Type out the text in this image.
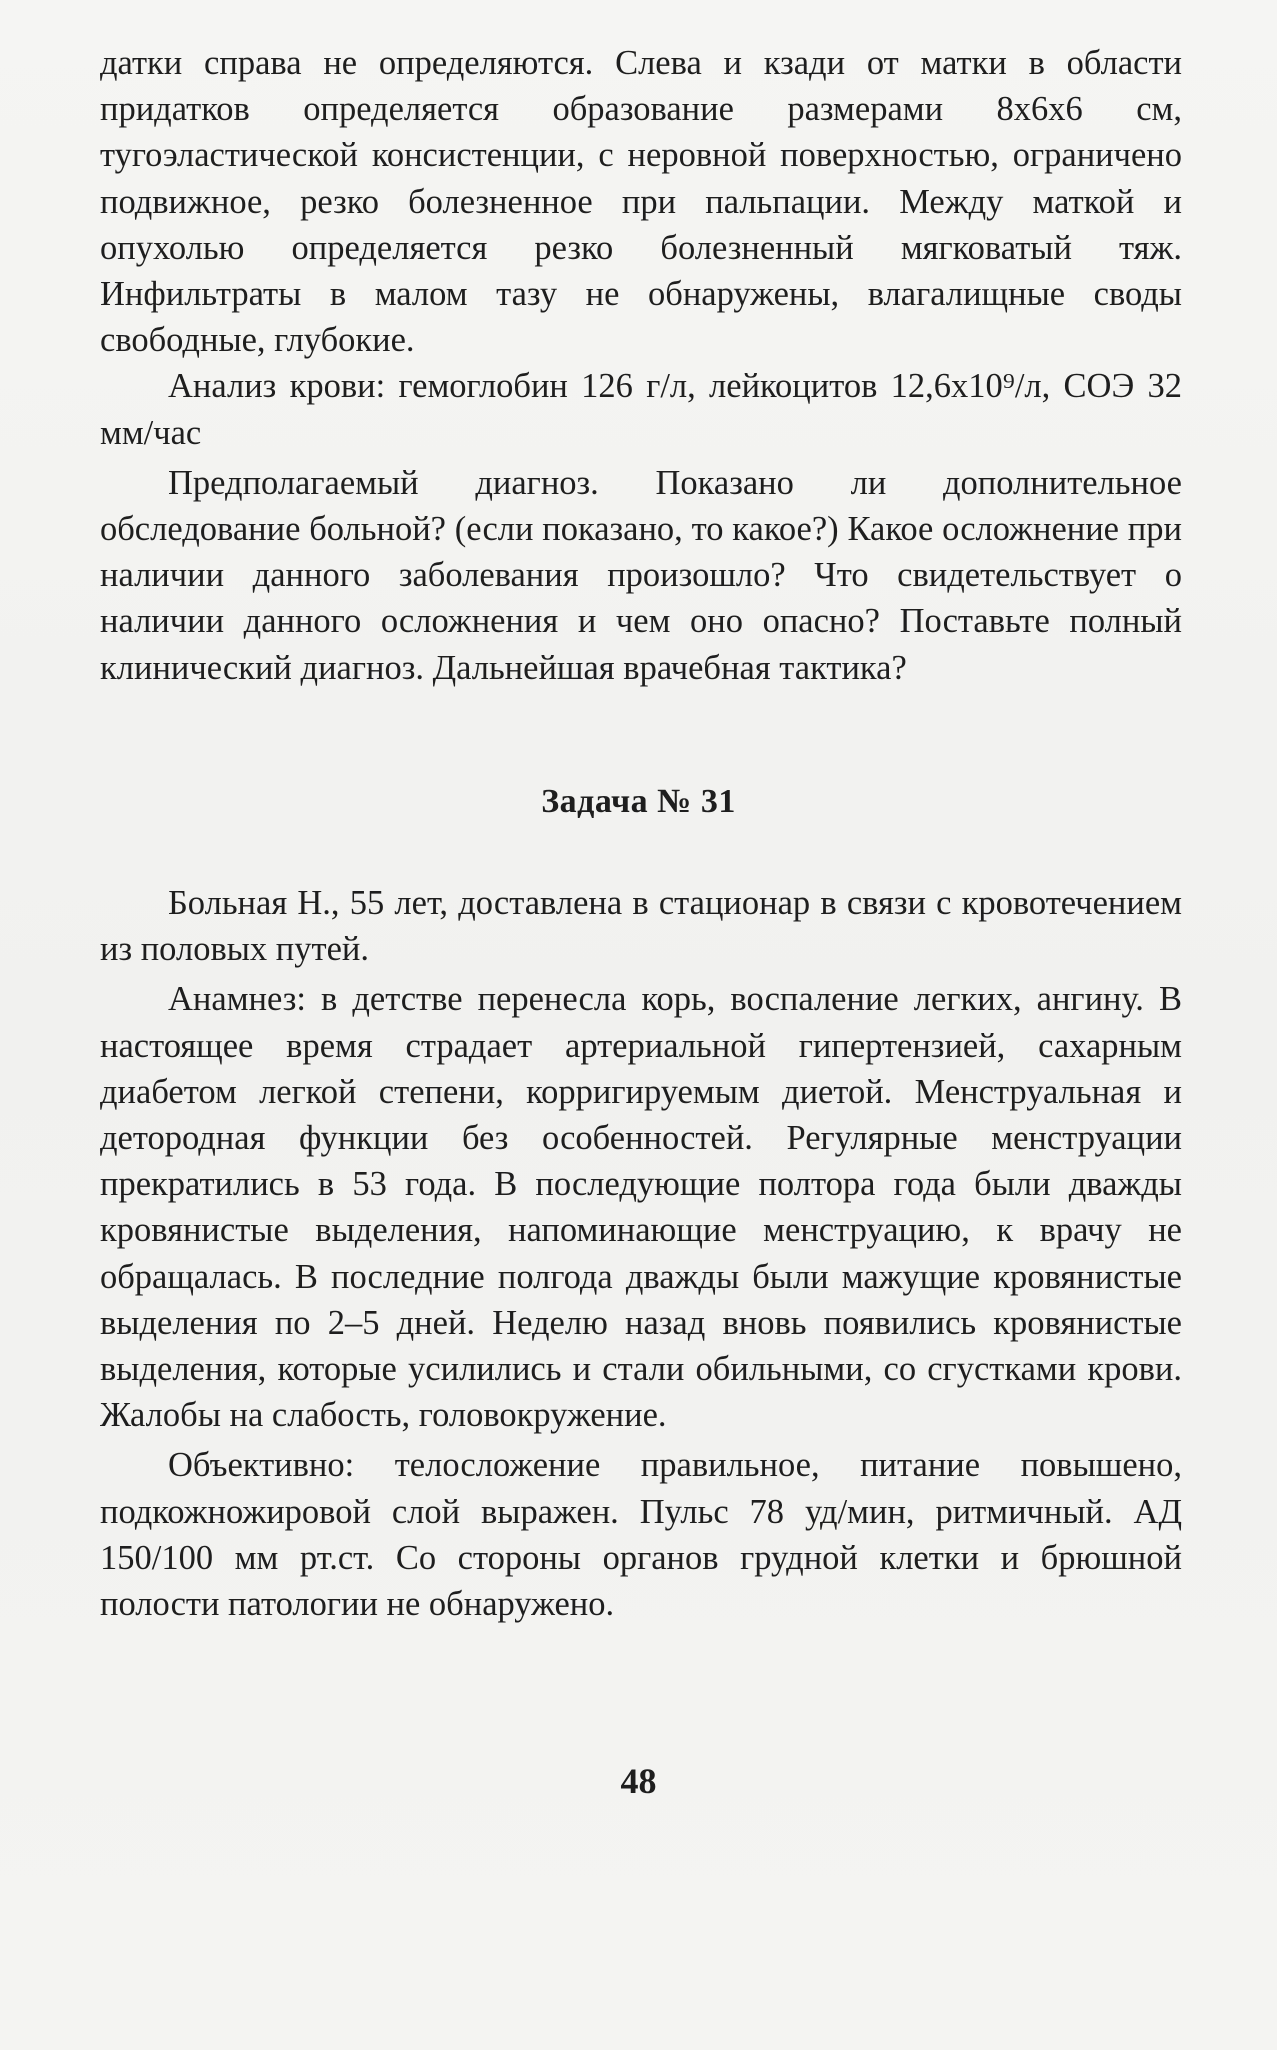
датки справа не определяются. Слева и кзади от матки в области придатков определяется образование размерами 8х6х6 см, тугоэластической консистенции, с неровной поверхностью, ограничено подвижное, резко болезненное при пальпации. Между маткой и опухолью определяется резко болезненный мягковатый тяж. Инфильтраты в малом тазу не обнаружены, влагалищные своды свободные, глубокие.

Анализ крови: гемоглобин 126 г/л, лейкоцитов 12,6х10⁹/л, СОЭ 32 мм/час

Предполагаемый диагноз. Показано ли дополнительное обследование больной? (если показано, то какое?) Какое осложнение при наличии данного заболевания произошло? Что свидетельствует о наличии данного осложнения и чем оно опасно? Поставьте полный клинический диагноз. Дальнейшая врачебная тактика?

Задача № 31

Больная Н., 55 лет, доставлена в стационар в связи с кровотечением из половых путей.

Анамнез: в детстве перенесла корь, воспаление легких, ангину. В настоящее время страдает артериальной гипертензией, сахарным диабетом легкой степени, корригируемым диетой. Менструальная и детородная функции без особенностей. Регулярные менструации прекратились в 53 года. В последующие полтора года были дважды кровянистые выделения, напоминающие менструацию, к врачу не обращалась. В последние полгода дважды были мажущие кровянистые выделения по 2–5 дней. Неделю назад вновь появились кровянистые выделения, которые усилились и стали обильными, со сгустками крови. Жалобы на слабость, головокружение.

Объективно: телосложение правильное, питание повышено, подкожножировой слой выражен. Пульс 78 уд/мин, ритмичный. АД 150/100 мм рт.ст. Со стороны органов грудной клетки и брюшной полости патологии не обнаружено.

48
